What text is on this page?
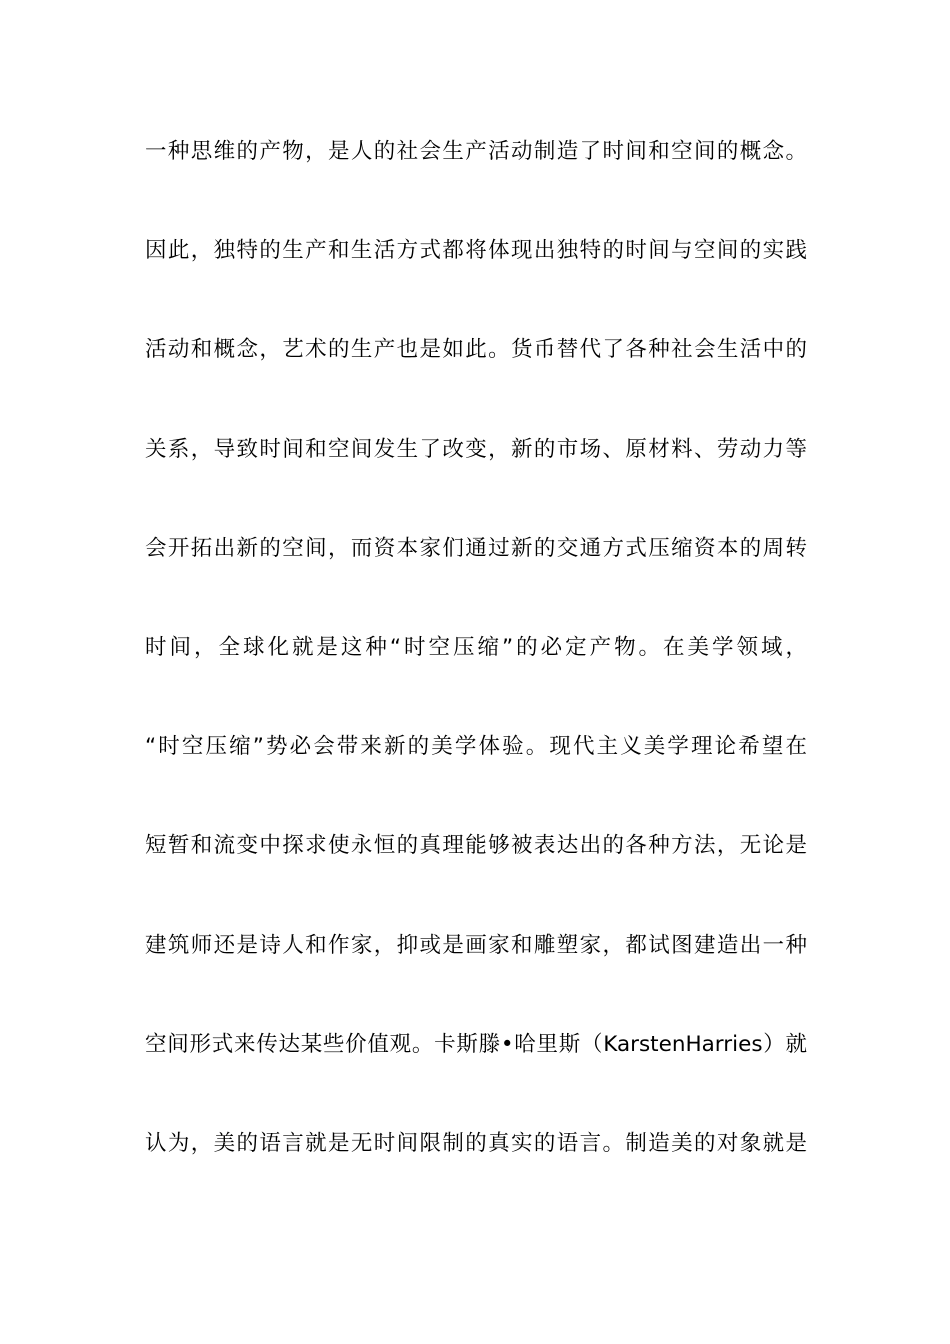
一种思维的产物，是人的社会生产活动制造了时间和空间的概念。
因此，独特的生产和生活方式都将体现出独特的时间与空间的实践
活动和概念，艺术的生产也是如此。货币替代了各种社会生活中的
关系，导致时间和空间发生了改变，新的市场、原材料、劳动力等
会开拓出新的空间，而资本家们通过新的交通方式压缩资本的周转
时间，全球化就是这种“时空压缩”的必定产物。在美学领域，
“时空压缩”势必会带来新的美学体验。现代主义美学理论希望在
短暂和流变中探求使永恒的真理能够被表达出的各种方法，无论是
建筑师还是诗人和作家，抑或是画家和雕塑家，都试图建造出一种
空间形式来传达某些价值观。卡斯滕•哈里斯（KarstenHarries）就
认为，美的语言就是无时间限制的真实的语言。制造美的对象就是
